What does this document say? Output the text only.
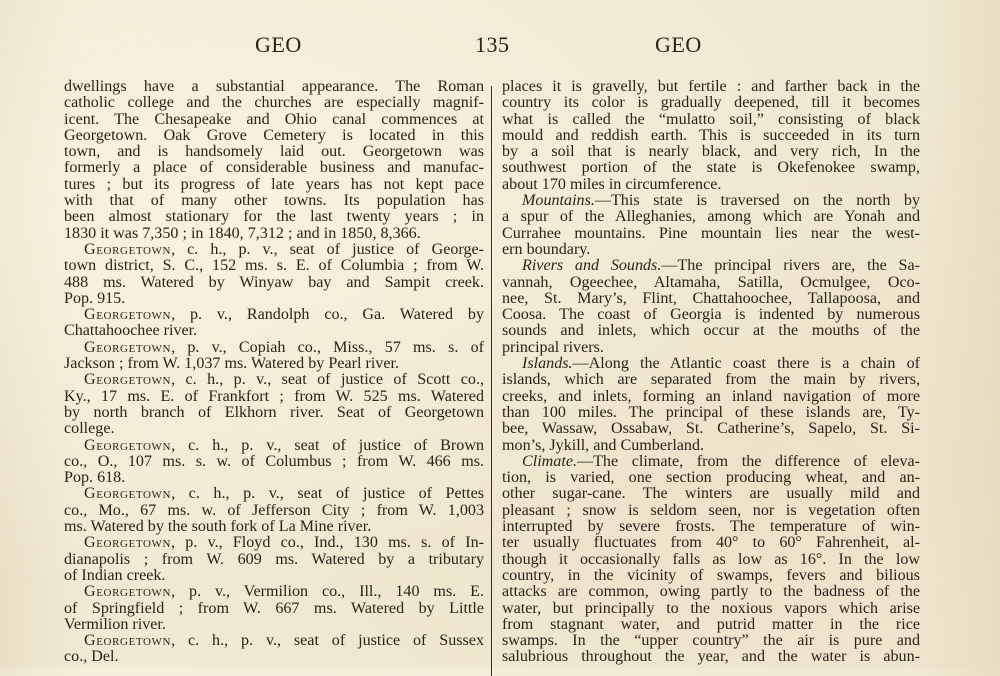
GEO	135	GEO
dwellings have a substantial appearance. The Roman
catholic college and the churches are especially magnif-
icent. The Chesapeake and Ohio canal commences at
Georgetown. Oak Grove Cemetery is located in this
town, and is handsomely laid out. Georgetown was
formerly a place of considerable business and manufac-
tures ; but its progress of late years has not kept pace
with that of many other towns. Its population has
been almost stationary for the last twenty years ; in
1830 it was 7,350 ; in 1840, 7,312 ; and in 1850, 8,366.
Georgetown, c. h., p. v., seat of justice of George-
town district, S. C., 152 ms. s. E. of Columbia ; from W.
488 ms. Watered by Winyaw bay and Sampit creek.
Pop. 915.
Georgetown, p. v., Randolph co., Ga. Watered by
Chattahoochee river.
Georgetown, p. v., Copiah co., Miss., 57 ms. s. of
Jackson ; from W. 1,037 ms. Watered by Pearl river.
Georgetown, c. h., p. v., seat of justice of Scott co.,
Ky., 17 ms. E. of Frankfort ; from W. 525 ms. Watered
by north branch of Elkhorn river. Seat of Georgetown
college.
Georgetown, c. h., p. v., seat of justice of Brown
co., O., 107 ms. s. w. of Columbus ; from W. 466 ms.
Pop. 618.
Georgetown, c. h., p. v., seat of justice of Pettes
co., Mo., 67 ms. w. of Jefferson City ; from W. 1,003
ms. Watered by the south fork of La Mine river.
Georgetown, p. v., Floyd co., Ind., 130 ms. s. of In-
dianapolis ; from W. 609 ms. Watered by a tributary
of Indian creek.
Georgetown, p. v., Vermilion co., Ill., 140 ms. E.
of Springfield ; from W. 667 ms. Watered by Little
Vermilion river.
Georgetown, c. h., p. v., seat of justice of Sussex
co., Del.
places it is gravelly, but fertile : and farther back in the
country its color is gradually deepened, till it becomes
what is called the “mulatto soil,” consisting of black
mould and reddish earth. This is succeeded in its turn
by a soil that is nearly black, and very rich, In the
southwest portion of the state is Okefenokee swamp,
about 170 miles in circumference.
Mountains.—This state is traversed on the north by
a spur of the Alleghanies, among which are Yonah and
Currahee mountains. Pine mountain lies near the west-
ern boundary.
Rivers and Sounds.—The principal rivers are, the Sa-
vannah, Ogeechee, Altamaha, Satilla, Ocmulgee, Oco-
nee, St. Mary’s, Flint, Chattahoochee, Tallapoosa, and
Coosa. The coast of Georgia is indented by numerous
sounds and inlets, which occur at the mouths of the
principal rivers.
Islands.—Along the Atlantic coast there is a chain of
islands, which are separated from the main by rivers,
creeks, and inlets, forming an inland navigation of more
than 100 miles. The principal of these islands are, Ty-
bee, Wassaw, Ossabaw, St. Catherine’s, Sapelo, St. Si-
mon’s, Jykill, and Cumberland.
Climate.—The climate, from the difference of eleva-
tion, is varied, one section producing wheat, and an-
other sugar-cane. The winters are usually mild and
pleasant ; snow is seldom seen, nor is vegetation often
interrupted by severe frosts. The temperature of win-
ter usually fluctuates from 40° to 60° Fahrenheit, al-
though it occasionally falls as low as 16°. In the low
country, in the vicinity of swamps, fevers and bilious
attacks are common, owing partly to the badness of the
water, but principally to the noxious vapors which arise
from stagnant water, and putrid matter in the rice
swamps. In the “upper country” the air is pure and
salubrious throughout the year, and the water is abun-
